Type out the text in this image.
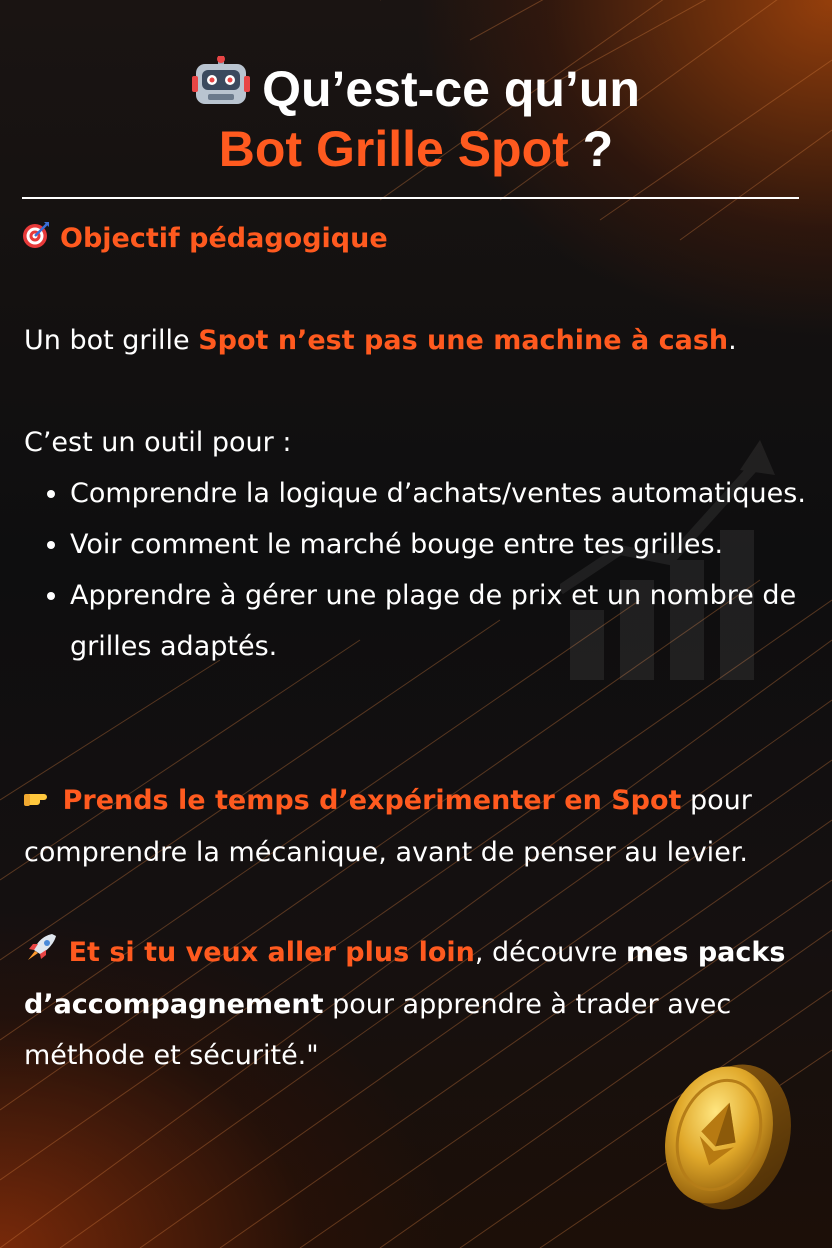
Qu’est-ce qu’un
Bot Grille Spot ?
Objectif pédagogique
Un bot grille Spot n’est pas une machine à cash.
C’est un outil pour :
• Comprendre la logique d’achats/ventes automatiques.
• Voir comment le marché bouge entre tes grilles.
• Apprendre à gérer une plage de prix et un nombre de grilles adaptés.
Prends le temps d’expérimenter en Spot pour
comprendre la mécanique, avant de penser au levier.
Et si tu veux aller plus loin, découvre mes packs
d’accompagnement pour apprendre à trader avec
méthode et sécurité."
